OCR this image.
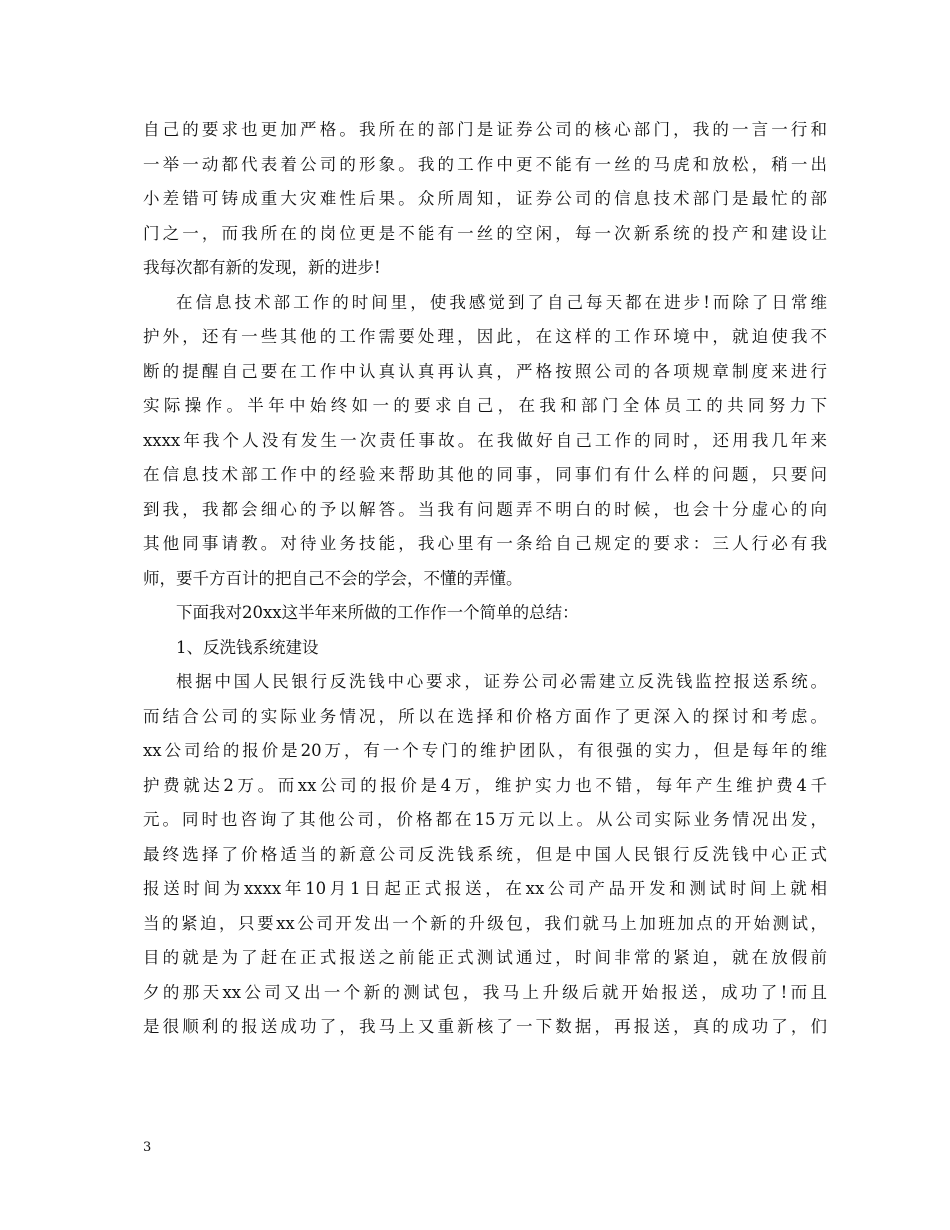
自己的要求也更加严格。我所在的部门是证券公司的核心部门，我的一言一行和
一举一动都代表着公司的形象。我的工作中更不能有一丝的马虎和放松，稍一出
小差错可铸成重大灾难性后果。众所周知，证券公司的信息技术部门是最忙的部
门之一，而我所在的岗位更是不能有一丝的空闲，每一次新系统的投产和建设让
我每次都有新的发现，新的进步!
在信息技术部工作的时间里，使我感觉到了自己每天都在进步!而除了日常维
护外，还有一些其他的工作需要处理，因此，在这样的工作环境中，就迫使我不
断的提醒自己要在工作中认真认真再认真，严格按照公司的各项规章制度来进行
实际操作。半年中始终如一的要求自己，在我和部门全体员工的共同努力下
xxxx年我个人没有发生一次责任事故。在我做好自己工作的同时，还用我几年来
在信息技术部工作中的经验来帮助其他的同事，同事们有什么样的问题，只要问
到我，我都会细心的予以解答。当我有问题弄不明白的时候，也会十分虚心的向
其他同事请教。对待业务技能，我心里有一条给自己规定的要求：三人行必有我
师，要千方百计的把自己不会的学会，不懂的弄懂。
下面我对20xx这半年来所做的工作作一个简单的总结：
1、反洗钱系统建设
根据中国人民银行反洗钱中心要求，证券公司必需建立反洗钱监控报送系统。
而结合公司的实际业务情况，所以在选择和价格方面作了更深入的探讨和考虑。
xx公司给的报价是20万，有一个专门的维护团队，有很强的实力，但是每年的维
护费就达2万。而xx公司的报价是4万，维护实力也不错，每年产生维护费4千
元。同时也咨询了其他公司，价格都在15万元以上。从公司实际业务情况出发，
最终选择了价格适当的新意公司反洗钱系统，但是中国人民银行反洗钱中心正式
报送时间为xxxx年10月1日起正式报送，在xx公司产品开发和测试时间上就相
当的紧迫，只要xx公司开发出一个新的升级包，我们就马上加班加点的开始测试，
目的就是为了赶在正式报送之前能正式测试通过，时间非常的紧迫，就在放假前
夕的那天xx公司又出一个新的测试包，我马上升级后就开始报送，成功了!而且
是很顺利的报送成功了，我马上又重新核了一下数据，再报送，真的成功了，们
3
